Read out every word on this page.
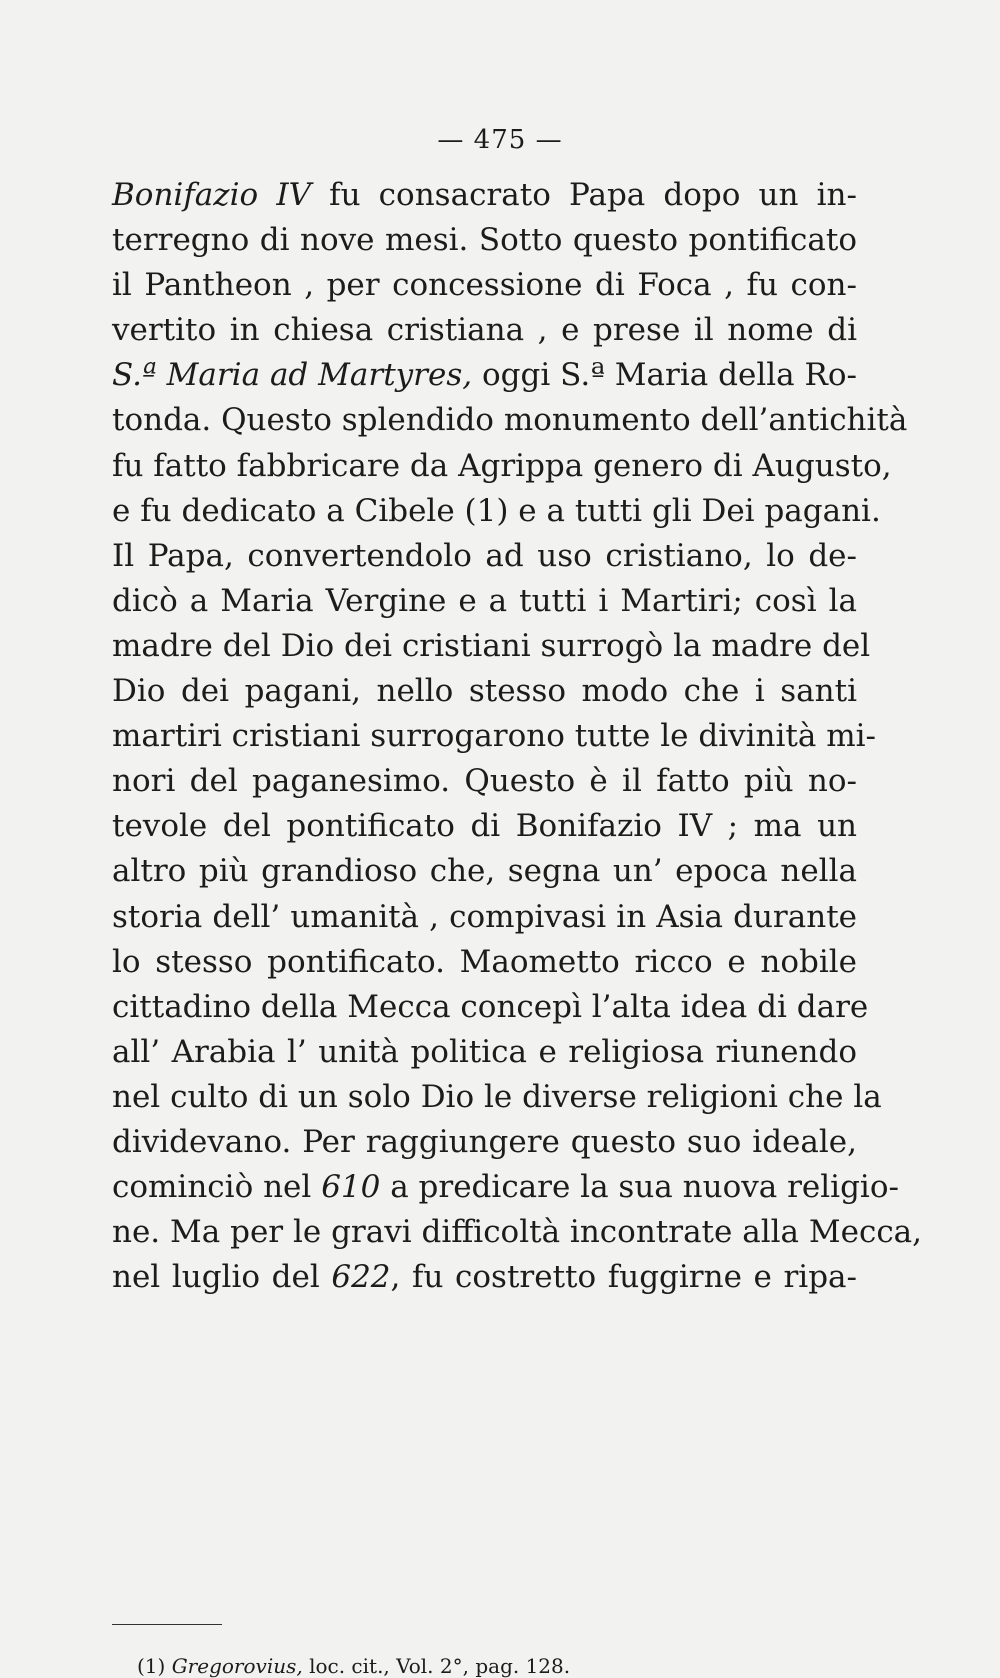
— 475 —
Bonifazio IV fu consacrato Papa dopo un in-
terregno di nove mesi. Sotto questo pontificato
il Pantheon , per concessione di Foca , fu con-
vertito in chiesa cristiana , e prese il nome di
S.ª Maria ad Martyres, oggi S.ª Maria della Ro-
tonda. Questo splendido monumento dell’antichità
fu fatto fabbricare da Agrippa genero di Augusto,
e fu dedicato a Cibele (1) e a tutti gli Dei pagani.
Il Papa, convertendolo ad uso cristiano, lo de-
dicò a Maria Vergine e a tutti i Martiri; così la
madre del Dio dei cristiani surrogò la madre del
Dio dei pagani, nello stesso modo che i santi
martiri cristiani surrogarono tutte le divinità mi-
nori del paganesimo. Questo è il fatto più no-
tevole del pontificato di Bonifazio IV ; ma un
altro più grandioso che, segna un’ epoca nella
storia dell’ umanità , compivasi in Asia durante
lo stesso pontificato. Maometto ricco e nobile
cittadino della Mecca concepì l’alta idea di dare
all’ Arabia l’ unità politica e religiosa riunendo
nel culto di un solo Dio le diverse religioni che la
dividevano. Per raggiungere questo suo ideale,
cominciò nel 610 a predicare la sua nuova religio-
ne. Ma per le gravi difficoltà incontrate alla Mecca,
nel luglio del 622, fu costretto fuggirne e ripa-
(1) Gregorovius, loc. cit., Vol. 2°, pag. 128.
